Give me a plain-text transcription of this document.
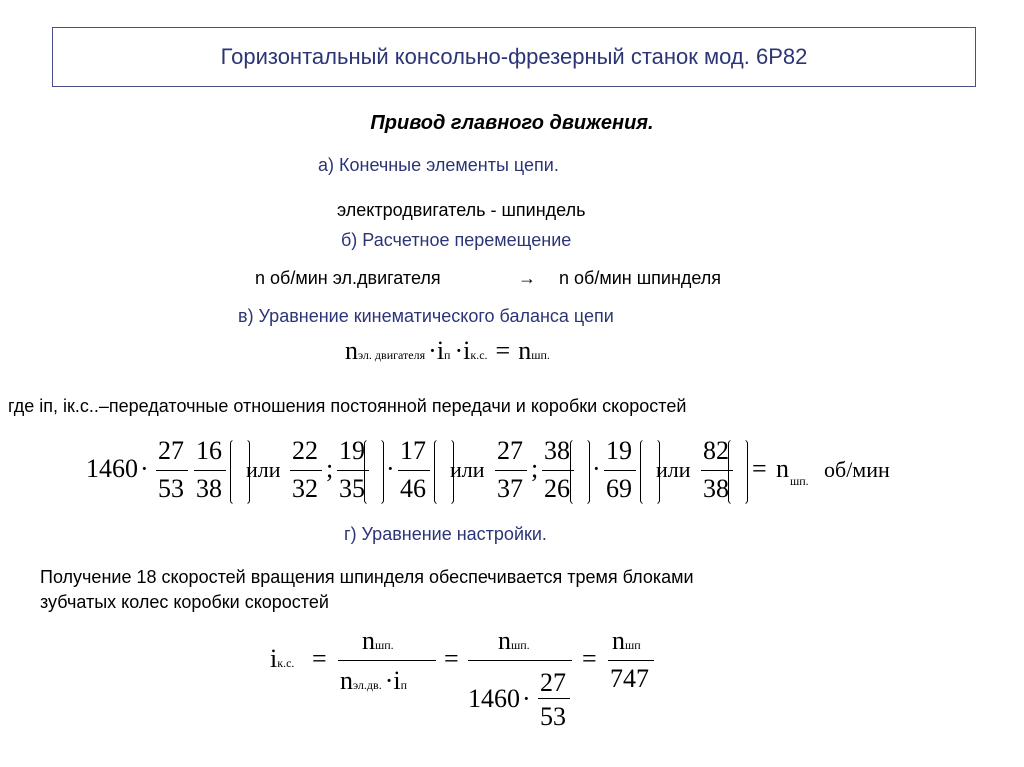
Горизонтальный консольно-фрезерный станок мод. 6Р82
Привод главного движения.
а) Конечные элементы цепи.
электродвигатель - шпиндель
б) Расчетное перемещение
n об/мин эл.двигателя	→ n об/мин шпинделя
в) Уравнение кинематического баланса цепи
nэл. двигателя ·iп ·iк.с. = nшп.
где iп, iк.с..–передаточные отношения постоянной передачи и коробки скоростей
1460 ·
27
53
16
38
или
22
32
;
19
35
·
17
46
или
27
37
;
38
26
·
19
69
или
82
38
= n шп. об/мин
г) Уравнение настройки.
Получение 18 скоростей вращения шпинделя обеспечивается тремя блоками
зубчатых колес коробки скоростей
iк.с. =
nшп.
nэл.дв. ·iп
=
nшп.
1460·
27
53
=
nшп
747
